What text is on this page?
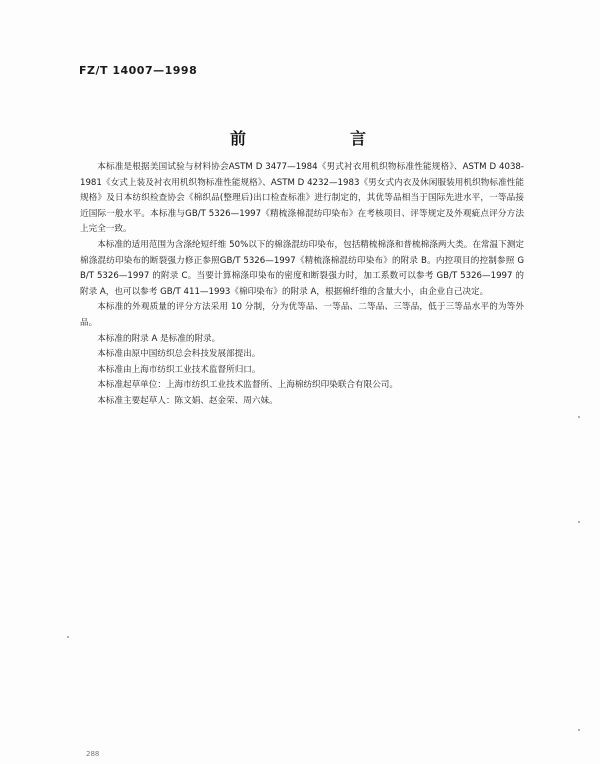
FZ/T 14007—1998
前　言

本标准是根据美国试验与材料协会ASTM D 3477—1984《男式衬衣用机织物标准性能规格》、ASTM D 4038- 1981《女式上装及衬衣用机织物标准性能规格》、ASTM D 4232—1983《男女式内衣及休闲服装用机织物标准性能规格》及日本纺织检查协会《棉织品(整理后)出口检查标准》进行制定的，其优等品相当于国际先进水平，一等品接近国际一般水平。本标准与GB/T 5326—1997《精梳涤棉混纺印染布》在考核项目、评等规定及外观疵点评分方法上完全一致。

本标准的适用范围为含涤纶短纤维 50%以下的棉涤混纺印染布，包括精梳棉涤和普梳棉涤两大类。在常温下测定棉涤混纺印染布的断裂强力修正参照GB/T 5326—1997《精梳涤棉混纺印染布》的附录 B。内控项目的控制参照 GB/T 5326—1997 的附录 C。当要计算棉涤印染布的密度和断裂强力时，加工系数可以参考 GB/T 5326—1997 的附录 A，也可以参考 GB/T 411—1993《棉印染布》的附录 A，根据棉纤维的含量大小，由企业自己决定。

本标准的外观质量的评分方法采用 10 分制，分为优等品、一等品、二等品、三等品，低于三等品水平的为等外品。

本标准的附录 A 是标准的附录。

本标准由原中国纺织总会科技发展部提出。

本标准由上海市纺织工业技术监督所归口。

本标准起草单位：上海市纺织工业技术监督所、上海棉纺织印染联合有限公司。

本标准主要起草人：陈文娟、赵金荣、周六妹。

288
